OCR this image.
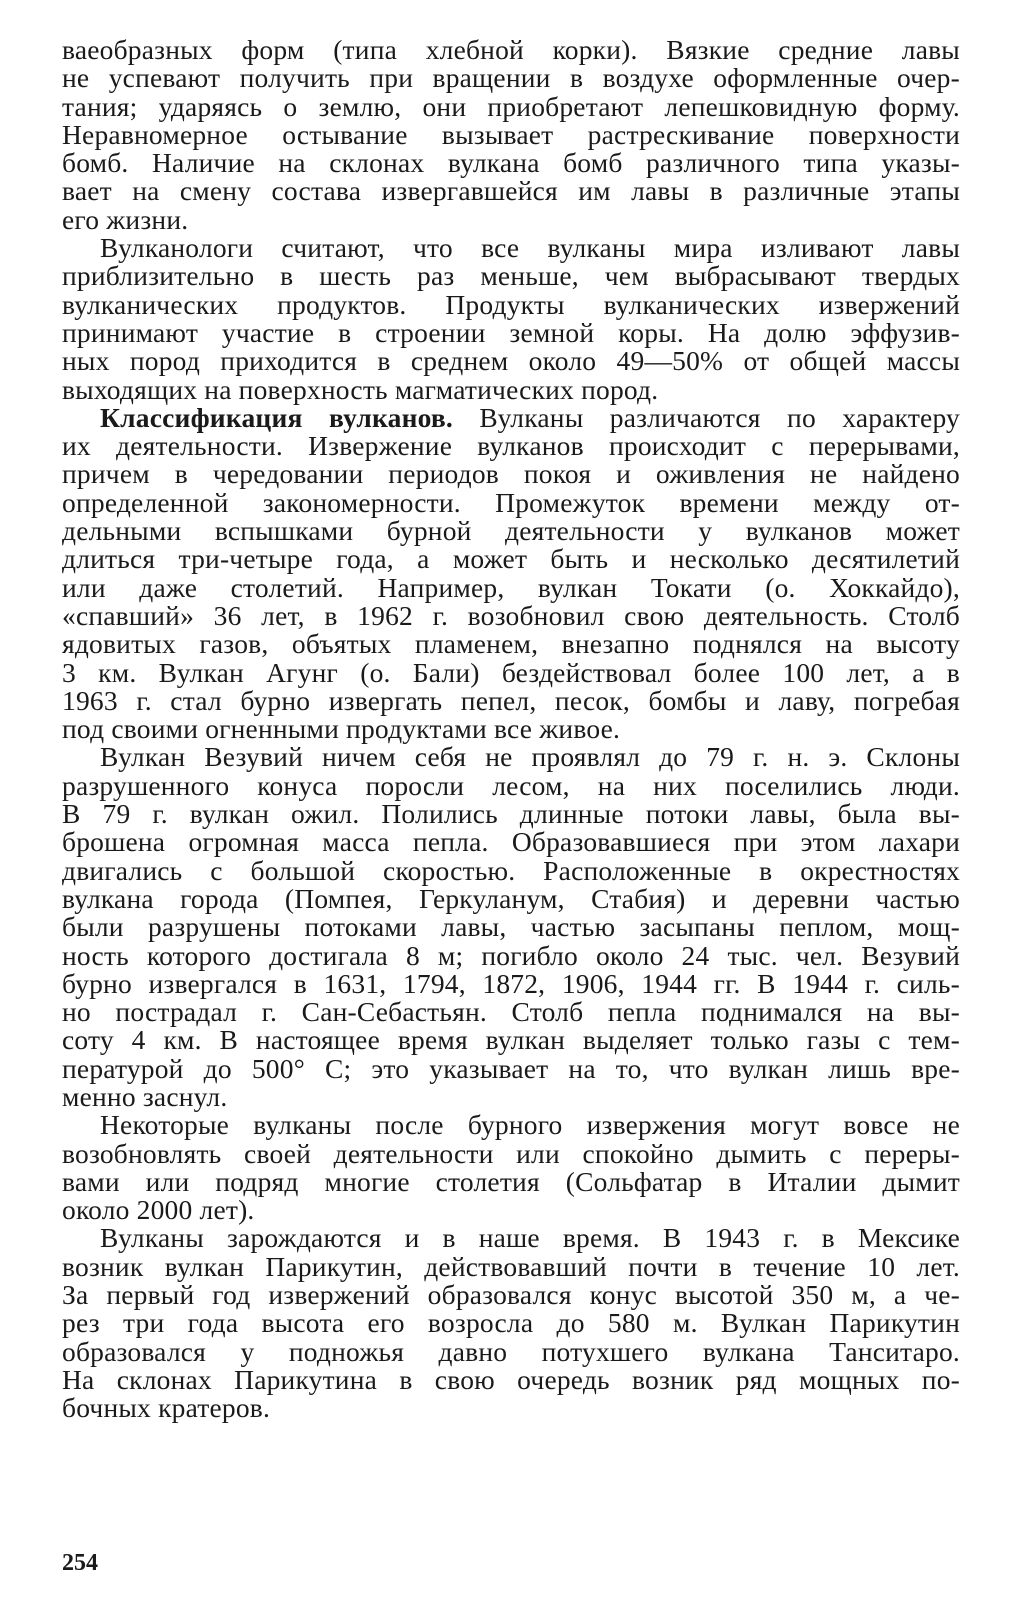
ваеобразных форм (типа хлебной корки). Вязкие средние лавы
не успевают получить при вращении в воздухе оформленные очер-
тания; ударяясь о землю, они приобретают лепешковидную форму.
Неравномерное остывание вызывает растрескивание поверхности
бомб. Наличие на склонах вулкана бомб различного типа указы-
вает на смену состава извергавшейся им лавы в различные этапы
его жизни.

Вулканологи считают, что все вулканы мира изливают лавы
приблизительно в шесть раз меньше, чем выбрасывают твердых
вулканических продуктов. Продукты вулканических извержений
принимают участие в строении земной коры. На долю эффузив-
ных пород приходится в среднем около 49—50% от общей массы
выходящих на поверхность магматических пород.

Классификация вулканов. Вулканы различаются по характеру
их деятельности. Извержение вулканов происходит с перерывами,
причем в чередовании периодов покоя и оживления не найдено
определенной закономерности. Промежуток времени между от-
дельными вспышками бурной деятельности у вулканов может
длиться три-четыре года, а может быть и несколько десятилетий
или даже столетий. Например, вулкан Токати (о. Хоккайдо),
«спавший» 36 лет, в 1962 г. возобновил свою деятельность. Столб
ядовитых газов, объятых пламенем, внезапно поднялся на высоту
3 км. Вулкан Агунг (о. Бали) бездействовал более 100 лет, а в
1963 г. стал бурно извергать пепел, песок, бомбы и лаву, погребая
под своими огненными продуктами все живое.

Вулкан Везувий ничем себя не проявлял до 79 г. н. э. Склоны
разрушенного конуса поросли лесом, на них поселились люди.
В 79 г. вулкан ожил. Полились длинные потоки лавы, была вы-
брошена огромная масса пепла. Образовавшиеся при этом лахари
двигались с большой скоростью. Расположенные в окрестностях
вулкана города (Помпея, Геркуланум, Стабия) и деревни частью
были разрушены потоками лавы, частью засыпаны пеплом, мощ-
ность которого достигала 8 м; погибло около 24 тыс. чел. Везувий
бурно извергался в 1631, 1794, 1872, 1906, 1944 гг. В 1944 г. силь-
но пострадал г. Сан-Себастьян. Столб пепла поднимался на вы-
соту 4 км. В настоящее время вулкан выделяет только газы с тем-
пературой до 500° С; это указывает на то, что вулкан лишь вре-
менно заснул.

Некоторые вулканы после бурного извержения могут вовсе не
возобновлять своей деятельности или спокойно дымить с переры-
вами или подряд многие столетия (Сольфатар в Италии дымит
около 2000 лет).

Вулканы зарождаются и в наше время. В 1943 г. в Мексике
возник вулкан Парикутин, действовавший почти в течение 10 лет.
За первый год извержений образовался конус высотой 350 м, а че-
рез три года высота его возросла до 580 м. Вулкан Парикутин
образовался у подножья давно потухшего вулкана Танситаро.
На склонах Парикутина в свою очередь возник ряд мощных по-
бочных кратеров.

254
